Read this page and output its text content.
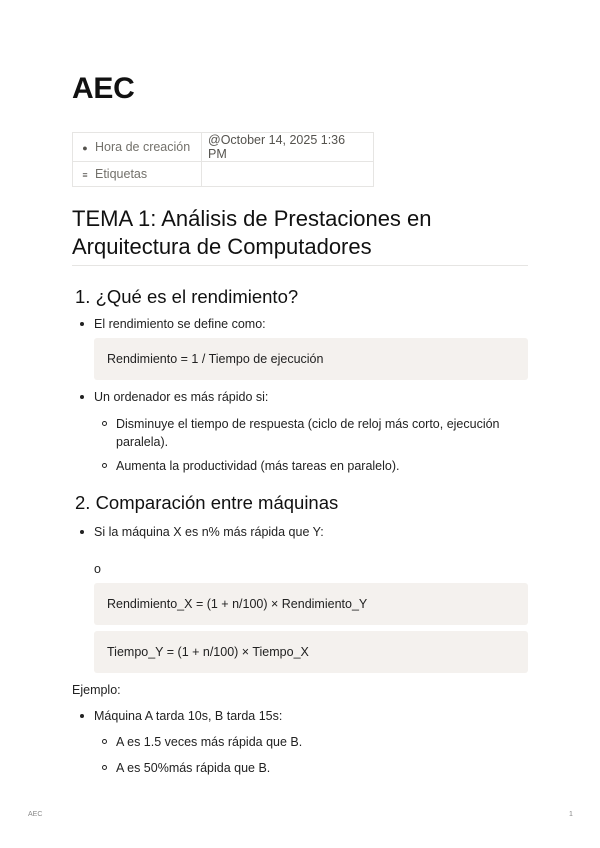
AEC
● Hora de creación	@October 14, 2025 1:36 PM
≡ Etiquetas	
TEMA 1: Análisis de Prestaciones en Arquitectura de Computadores
1. ¿Qué es el rendimiento?
El rendimiento se define como:
Rendimiento = 1 / Tiempo de ejecución
Un ordenador es más rápido si:
Disminuye el tiempo de respuesta (ciclo de reloj más corto, ejecución paralela).
Aumenta la productividad (más tareas en paralelo).
2. Comparación entre máquinas
Si la máquina X es n% más rápida que Y:
o
Rendimiento_X = (1 + n/100) × Rendimiento_Y
Tiempo_Y = (1 + n/100) × Tiempo_X
Ejemplo:
Máquina A tarda 10s, B tarda 15s:
A es 1.5 veces más rápida que B.
A es 50%más rápida que B.
AEC	1
